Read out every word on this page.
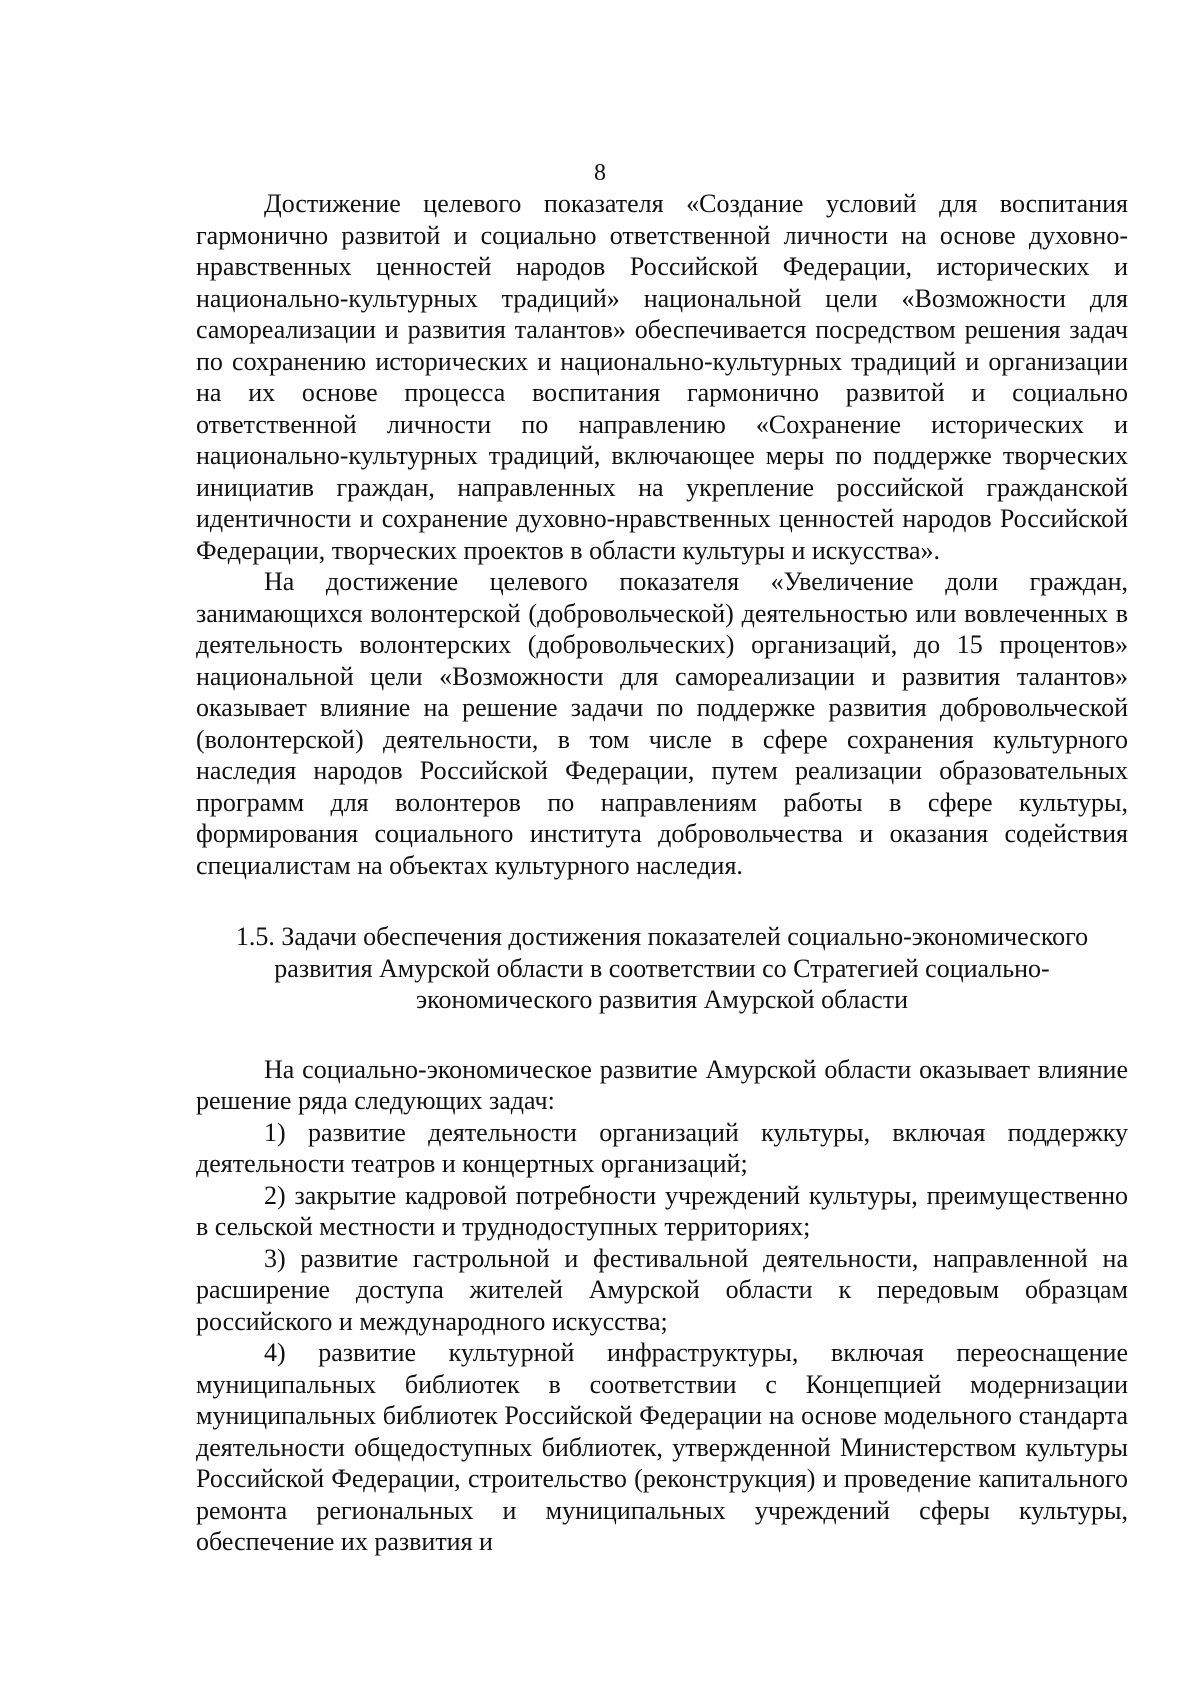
8

Достижение целевого показателя «Создание условий для воспитания гармонично развитой и социально ответственной личности на основе духовно-нравственных ценностей народов Российской Федерации, исторических и национально-культурных традиций» национальной цели «Возможности для самореализации и развития талантов» обеспечивается посредством решения задач по сохранению исторических и национально-культурных традиций и организации на их основе процесса воспитания гармонично развитой и социально ответственной личности по направлению «Сохранение исторических и национально-культурных традиций, включающее меры по поддержке творческих инициатив граждан, направленных на укрепление российской гражданской идентичности и сохранение духовно-нравственных ценностей народов Российской Федерации, творческих проектов в области культуры и искусства».

На достижение целевого показателя «Увеличение доли граждан, занимающихся волонтерской (добровольческой) деятельностью или вовлеченных в деятельность волонтерских (добровольческих) организаций, до 15 процентов» национальной цели «Возможности для самореализации и развития талантов» оказывает влияние на решение задачи по поддержке развития добровольческой (волонтерской) деятельности, в том числе в сфере сохранения культурного наследия народов Российской Федерации, путем реализации образовательных программ для волонтеров по направлениям работы в сфере культуры, формирования социального института добровольчества и оказания содействия специалистам на объектах культурного наследия.

1.5. Задачи обеспечения достижения показателей социально-экономического развития Амурской области в соответствии со Стратегией социально-экономического развития Амурской области

На социально-экономическое развитие Амурской области оказывает влияние решение ряда следующих задач:

1) развитие деятельности организаций культуры, включая поддержку деятельности театров и концертных организаций;

2) закрытие кадровой потребности учреждений культуры, преимущественно в сельской местности и труднодоступных территориях;

3) развитие гастрольной и фестивальной деятельности, направленной на расширение доступа жителей Амурской области к передовым образцам российского и международного искусства;

4) развитие культурной инфраструктуры, включая переоснащение муниципальных библиотек в соответствии с Концепцией модернизации муниципальных библиотек Российской Федерации на основе модельного стандарта деятельности общедоступных библиотек, утвержденной Министерством культуры Российской Федерации, строительство (реконструкция) и проведение капитального ремонта региональных и муниципальных учреждений сферы культуры, обеспечение их развития и
